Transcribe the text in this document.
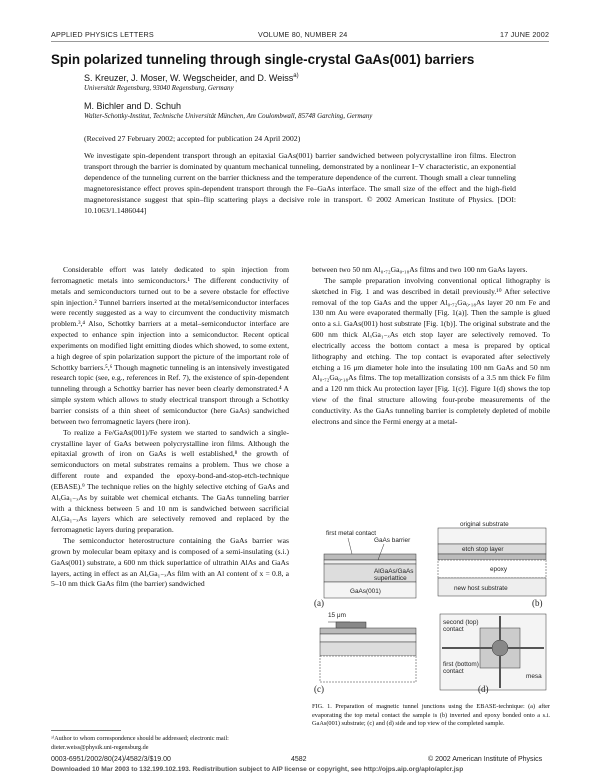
APPLIED PHYSICS LETTERS	VOLUME 80, NUMBER 24	17 JUNE 2002
Spin polarized tunneling through single-crystal GaAs(001) barriers
S. Kreuzer, J. Moser, W. Wegscheider, and D. Weiss$^{a)}$
Universität Regensburg, 93040 Regensburg, Germany
M. Bichler and D. Schuh
Walter-Schottky-Institut, Technische Universität München, Am Coulombwall, 85748 Garching, Germany
(Received 27 February 2002; accepted for publication 24 April 2002)
We investigate spin-dependent transport through an epitaxial GaAs(001) barrier sandwiched between polycrystalline iron films. Electron transport through the barrier is dominated by quantum mechanical tunneling, demonstrated by a nonlinear I−V characteristic, an exponential dependence of the tunneling current on the barrier thickness and the temperature dependence of the current. Though small a clear tunneling magnetoresistance effect proves spin-dependent transport through the Fe–GaAs interface. The small size of the effect and the high-field magnetoresistance suggest that spin–flip scattering plays a decisive role in transport. © 2002 American Institute of Physics. [DOI: 10.1063/1.1486044]

Considerable effort was lately dedicated to spin injection from ferromagnetic metals into semiconductors.¹ The different conductivity of metals and semiconductors turned out to be a severe obstacle for effective spin injection.² Tunnel barriers inserted at the metal/semiconductor interfaces were recently suggested as a way to circumvent the conductivity mismatch problem.³,⁴ Also, Schottky barriers at a metal–semiconductor interface are expected to enhance spin injection into a semiconductor. Recent optical experiments on modified light emitting diodes which showed, to some extent, a high degree of spin polarization support the picture of the important role of Schottky barriers.⁵,⁶ Though magnetic tunneling is an intensively investigated research topic (see, e.g., references in Ref. 7), the existence of spin-dependent tunneling through a Schottky barrier has never been clearly demonstrated.⁴ A simple system which allows to study electrical transport through a Schottky barrier consists of a thin sheet of semiconductor (here GaAs) sandwiched between two ferromagnetic layers (here iron).

To realize a Fe/GaAs(001)/Fe system we started to sandwich a single-crystalline layer of GaAs between polycrystalline iron films. Although the epitaxial growth of iron on GaAs is well established,⁸ the growth of semiconductors on metal substrates remains a problem. Thus we chose a different route and expanded the epoxy-bond-and-stop-etch-technique (EBASE).⁹ The technique relies on the highly selective etching of GaAs and AlₓGa₁₋ₓAs by suitable wet chemical etchants. The GaAs tunneling barrier with a thickness between 5 and 10 nm is sandwiched between sacrificial AlₓGa₁₋ₓAs layers which are selectively removed and replaced by the ferromagnetic layers during preparation.

The semiconductor heterostructure containing the GaAs barrier was grown by molecular beam epitaxy and is composed of a semi-insulating (s.i.) GaAs(001) substrate, a 600 nm thick superlattice of ultrathin AlAs and GaAs layers, acting in effect as an AlₓGa₁₋ₓAs film with an Al content of x = 0.8, a 5–10 nm thick GaAs film (the barrier) sandwiched

between two 50 nm Al₀.₇₂Ga₀.₁₈As films and two 100 nm GaAs layers.

The sample preparation involving conventional optical lithography is sketched in Fig. 1 and was described in detail previously.¹⁰ After selective removal of the top GaAs and the upper Al₀.₇₂Ga₀.₁₈As layer 20 nm Fe and 130 nm Au were evaporated thermally [Fig. 1(a)]. Then the sample is glued onto a s.i. GaAs(001) host substrate [Fig. 1(b)]. The original substrate and the 600 nm thick AlₓGa₁₋ₓAs etch stop layer are selectively removed. To electrically access the bottom contact a mesa is prepared by optical lithography and etching. The top contact is evaporated after selectively etching a 16 μm diameter hole into the insulating 100 nm GaAs and 50 nm Al₀.₇₂Ga₀.₁₈As films. The top metallization consists of a 3.5 nm thick Fe film and a 120 nm thick Au protection layer [Fig. 1(c)]. Figure 1(d) shows the top view of the final structure allowing four-probe measurements of the conductivity. As the GaAs tunneling barrier is completely depleted of mobile electrons and since the Fermi energy at a metal-

first metal contact
GaAs barrier
AlGaAs/GaAs
superlattice
GaAs(001)
(a)
original substrate
etch stop layer
epoxy
new host substrate
(b)
15 μm
(c)
second (top)
contact
first (bottom)
contact
mesa
(d)
FIG. 1. Preparation of magnetic tunnel junctions using the EBASE-technique: (a) after evaporating the top metal contact the sample is (b) inverted and epoxy bonded onto a s.i. GaAs(001) substrate; (c) and (d) side and top view of the completed sample.
ᵃ⁾Author to whom correspondence should be addressed; electronic mail: dieter.weiss@physik.uni-regensburg.de
0003-6951/2002/80(24)/4582/3/$19.00	4582	© 2002 American Institute of Physics
Downloaded 10 Mar 2003 to 132.199.102.193. Redistribution subject to AIP license or copyright, see http://ojps.aip.org/aplo/aplcr.jsp
